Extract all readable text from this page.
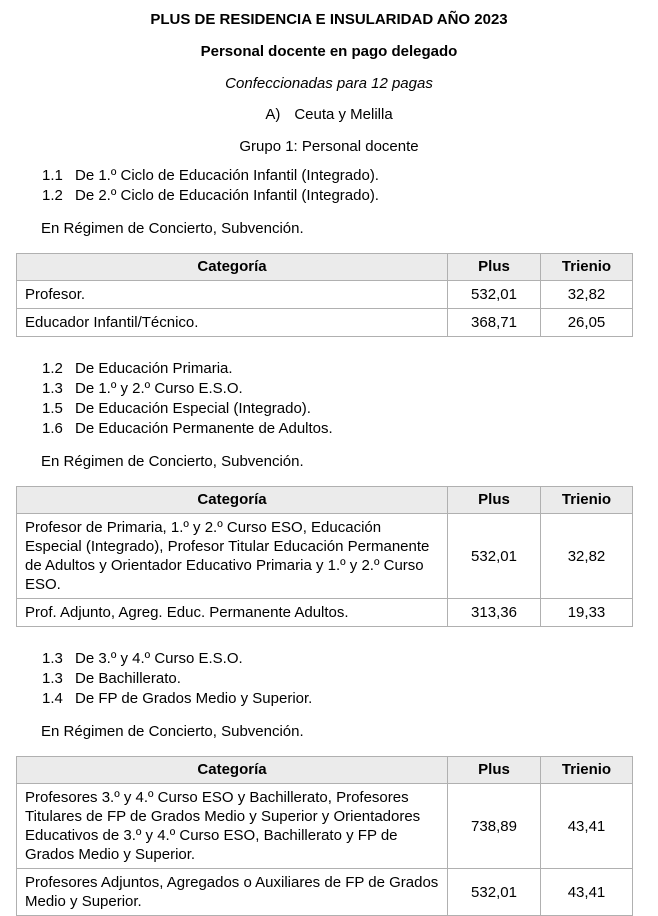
PLUS DE RESIDENCIA E INSULARIDAD AÑO 2023
Personal docente en pago delegado
Confeccionadas para 12 pagas
A) Ceuta y Melilla
Grupo 1: Personal docente
1.1 De 1.º Ciclo de Educación Infantil (Integrado).
1.2 De 2.º Ciclo de Educación Infantil (Integrado).
En Régimen de Concierto, Subvención.
Categoría	Plus	Trienio
Profesor.	532,01	32,82
Educador Infantil/Técnico.	368,71	26,05
1.2 De Educación Primaria.
1.3 De 1.º y 2.º Curso E.S.O.
1.5 De Educación Especial (Integrado).
1.6 De Educación Permanente de Adultos.
En Régimen de Concierto, Subvención.
Categoría	Plus	Trienio
Profesor de Primaria, 1.º y 2.º Curso ESO, Educación Especial (Integrado), Profesor Titular Educación Permanente de Adultos y Orientador Educativo Primaria y 1.º y 2.º Curso ESO.	532,01	32,82
Prof. Adjunto, Agreg. Educ. Permanente Adultos.	313,36	19,33
1.3 De 3.º y 4.º Curso E.S.O.
1.3 De Bachillerato.
1.4 De FP de Grados Medio y Superior.
En Régimen de Concierto, Subvención.
Categoría	Plus	Trienio
Profesores 3.º y 4.º Curso ESO y Bachillerato, Profesores Titulares de FP de Grados Medio y Superior y Orientadores Educativos de 3.º y 4.º Curso ESO, Bachillerato y FP de Grados Medio y Superior.	738,89	43,41
Profesores Adjuntos, Agregados o Auxiliares de FP de Grados Medio y Superior.	532,01	43,41
